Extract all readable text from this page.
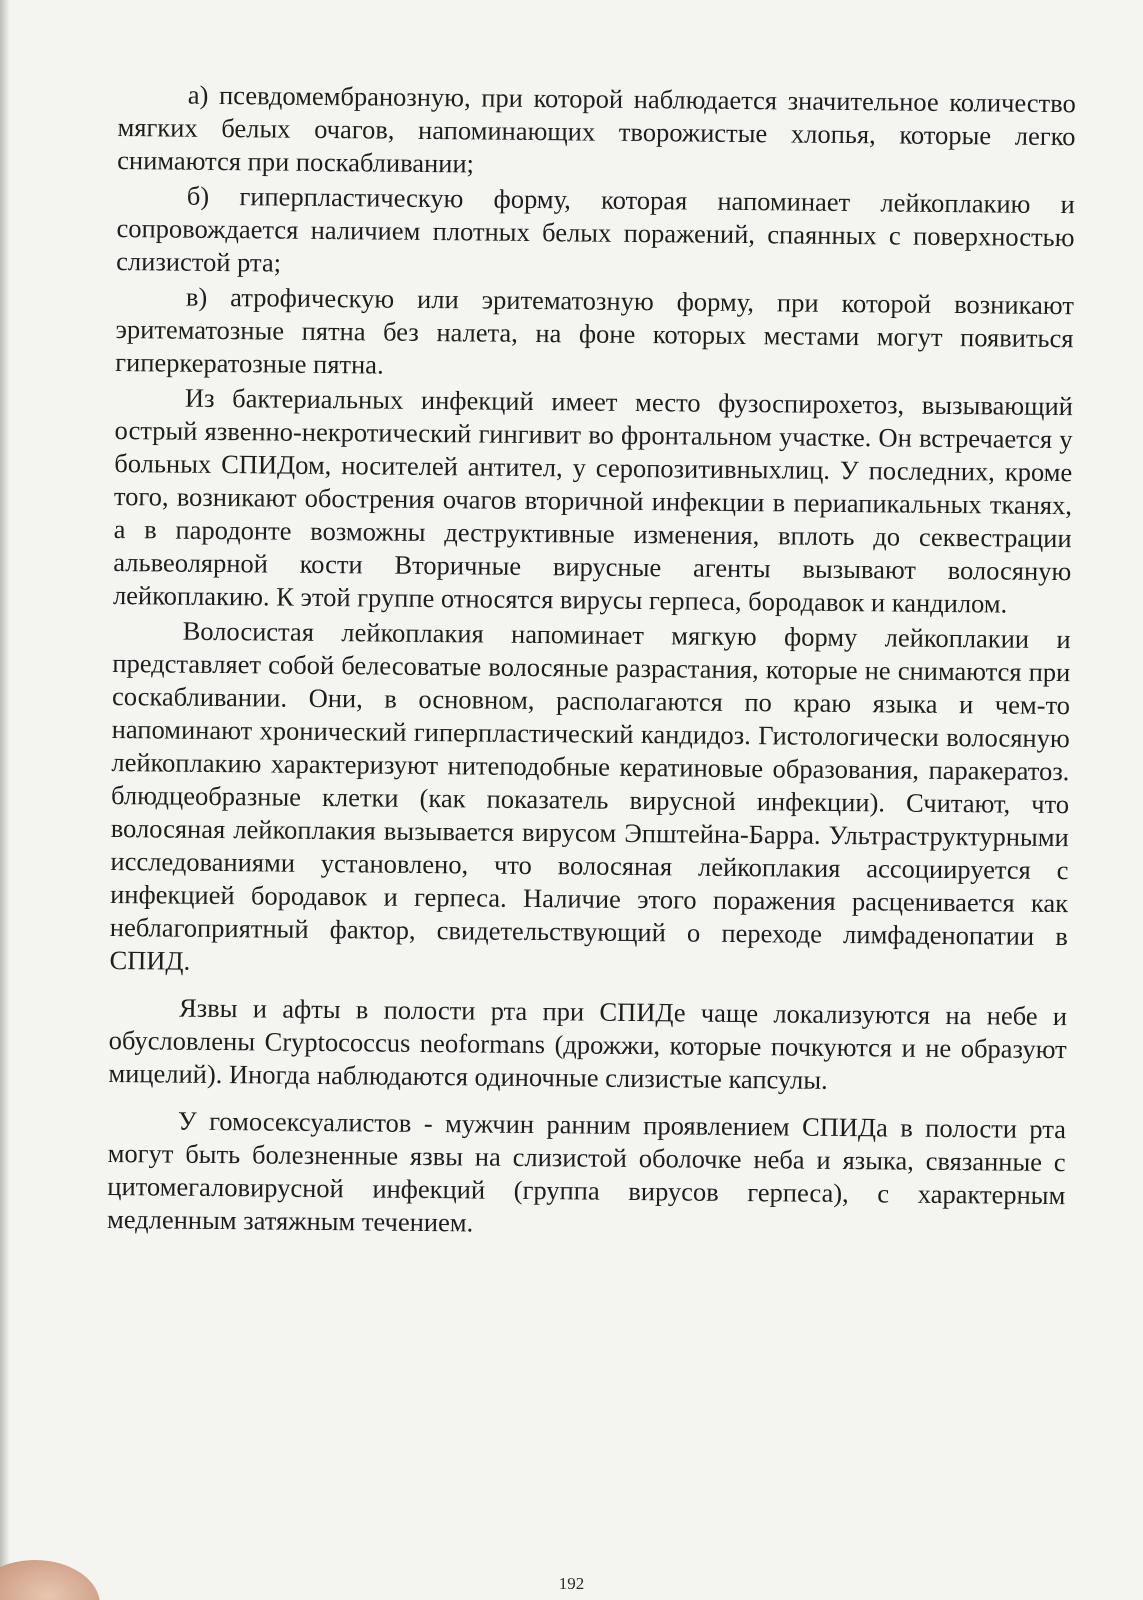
а) псевдомембранозную, при которой наблюдается значительное количество мягких белых очагов, напоминающих творожистые хлопья, которые легко снимаются при поскабливании;

б) гиперпластическую форму, которая напоминает лейкоплакию и сопровождается наличием плотных белых поражений, спаянных с поверхностью слизистой рта;

в) атрофическую или эритематозную форму, при которой возникают эритематозные пятна без налета, на фоне которых местами могут появиться гиперкератозные пятна.

Из бактериальных инфекций имеет место фузоспирохетоз, вызывающий острый язвенно-некротический гингивит во фронтальном участке. Он встречается у больных СПИДом, носителей антител, у серопозитивныхлиц. У последних, кроме того, возникают обострения очагов вторичной инфекции в периапикальных тканях, а в пародонте возможны деструктивные изменения, вплоть до секвестрации альвеолярной кости Вторичные вирусные агенты вызывают волосяную лейкоплакию. К этой группе относятся вирусы герпеса, бородавок и кандилом.

Волосистая лейкоплакия напоминает мягкую форму лейкоплакии и представляет собой белесоватые волосяные разрастания, которые не снимаются при соскабливании. Они, в основном, располагаются по краю языка и чем-то напоминают хронический гиперпластический кандидоз. Гистологически волосяную лейкоплакию характеризуют нитеподобные кератиновые образования, паракератоз. блюдцеобразные клетки (как показатель вирусной инфекции). Считают, что волосяная лейкоплакия вызывается вирусом Эпштейна-Барра. Ультраструктурными исследованиями установлено, что волосяная лейкоплакия ассоциируется с инфекцией бородавок и герпеса. Наличие этого поражения расценивается как неблагоприятный фактор, свидетельствующий о переходе лимфаденопатии в СПИД.

Язвы и афты в полости рта при СПИДе чаще локализуются на небе и обусловлены Cryptococcus neoformans (дрожжи, которые почкуются и не образуют мицелий). Иногда наблюдаются одиночные слизистые капсулы.

У гомосексуалистов - мужчин ранним проявлением СПИДа в полости рта могут быть болезненные язвы на слизистой оболочке неба и языка, связанные с цитомегаловирусной инфекций (группа вирусов герпеса), с характерным медленным затяжным течением.

192
